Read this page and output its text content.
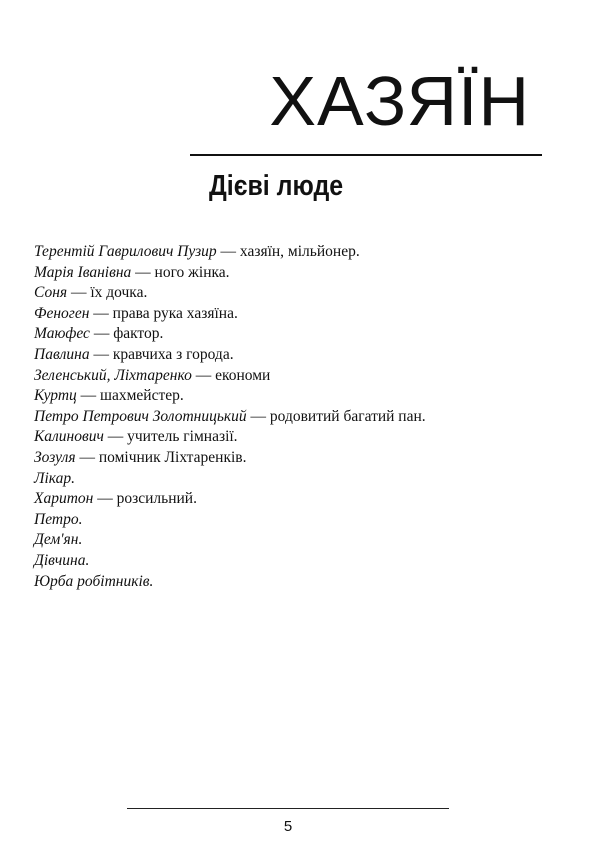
ХАЗЯЇН
Дієві люде
Терентій Гаврилович Пузир — хазяїн, мільйонер.
Марія Іванівна — ного жінка.
Соня — їх дочка.
Феноген — права рука хазяїна.
Маюфес — фактор.
Павлина — кравчиха з города.
Зеленський, Ліхтаренко — економи
Куртц — шахмейстер.
Петро Петрович Золотницький — родовитий багатий пан.
Калинович — учитель гімназії.
Зозуля — помічник Ліхтаренків.
Лікар.
Харитон — розсильний.
Петро.
Дем'ян.
Дівчина.
Юрба робітників.
5
